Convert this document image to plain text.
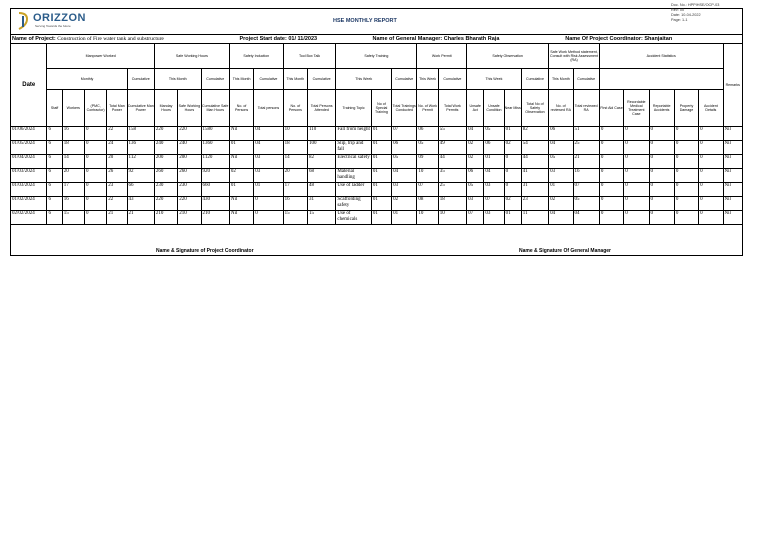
ORIZZON
Serving Towards the future
HSE MONTHLY REPORT
Doc. No.: HPPIHSE/OCP-03
Rev: 00
Date: 10-04-2022
Page: 1-1
Name of Project: Construction of Fire water tank and substructure	Project Start date: 01/ 11/2023	Name of General Manager: Charles Bharath Raja	Name Of Project Coordinator: Shanjaitan
Date	Manpower Worked					Safe Working Hours			Safety Induction		Tool Box Talk		Safety Training			Work Permit		Safety Observation				Safe Work Method statement, Consult with Risk Assessment (RA)		Accident Statistics					Remarks
	Monthly				Cumulative	This Month		Cumulative	This Month	Cumulative	This Month	Cumulative	This Week		Cumulative	This Week	Cumulative	This Week			Cumulative	This Month	Cumulative						
	Staff	Workers	(PMC, Contractor)	Total Man Power	Cumulative Man Power	Manday Hours	Safe Working Hours	Cumulative Safe Man Hours	No. of Persons	Total persons	No. of Persons	Total Persons Attended	Training Topic	No of Special Training	Total Trainings Conducted	No. of Work Permit	Total Work Permits	Unsafe Act	Unsafe Condition	Near Miss	Total No of Safety Observation	No. of reviewed RA	Total reviewed RA	First Aid Case	Recordable Medical Treatment Case	Reportable Accidents	Property Damage	Accident Details	
01/06/2024	6	16	0	22	158	220	220	1580	Nil	04	10	110	Fall from height	01	07	06	55	04	05	01	82	06	51	0	0	0	0	0	Nil
01/05/2024	6	18	0	24	136	240	240	1360	01	04	18	100	Slip, trip and fall	01	06	05	49	02	06	02	54	04	25	0	0	0	0	0	Nil
01/04/2024	6	14	0	20	112	200	200	1120	Nil	03	14	82	Electrical safety	01	05	09	44	02	01	0	44	05	21	0	0	0	0	0	Nil
01/03/2024	6	20	0	26	92	260	260	920	02	03	20	68	Material handling	01	04	10	35	06	04	0	41	03	16	0	0	0	0	0	Nil
01/03/2024	6	17	0	23	66	230	230	660	01	01	17	48	Use of ladder	01	03	07	25	05	03	0	31	01	07	0	0	0	0	0	Nil
01/02/2024	6	16	0	22	43	220	220	430	Nil	0	16	31	Scaffolding safety	01	02	08	18	03	07	02	23	02	05	0	0	0	0	0	Nil
02/02/2024	6	15	0	21	21	210	210	210	Nil	0	15	15	Use of chemicals	01	01	10	10	07	03	01	11	04	04	0	0	0	0	0	Nil
Name & Signature of Project Coordinator	Name & Signature Of General Manager
